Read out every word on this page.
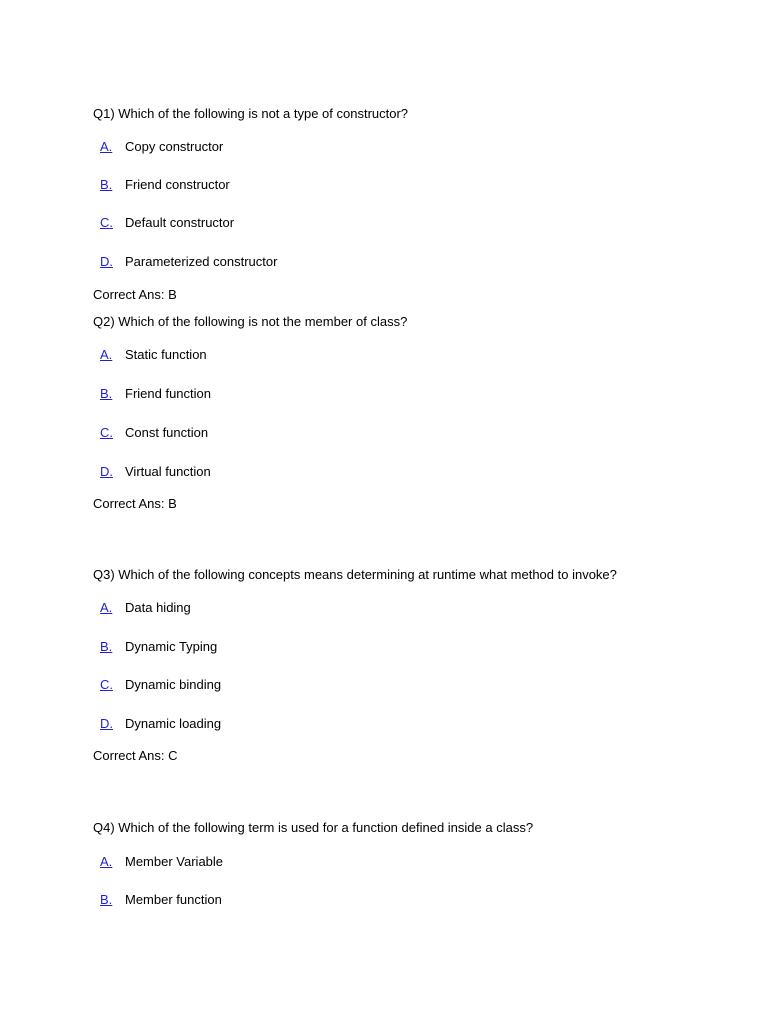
Q1) Which of the following is not a type of constructor?
A. Copy constructor
B. Friend constructor
C. Default constructor
D. Parameterized constructor
Correct Ans: B
Q2) Which of the following is not the member of class?
A. Static function
B. Friend function
C. Const function
D. Virtual function
Correct Ans: B
Q3) Which of the following concepts means determining at runtime what method to invoke?
A. Data hiding
B. Dynamic Typing
C. Dynamic binding
D. Dynamic loading
Correct Ans: C
Q4) Which of the following term is used for a function defined inside a class?
A. Member Variable
B. Member function
